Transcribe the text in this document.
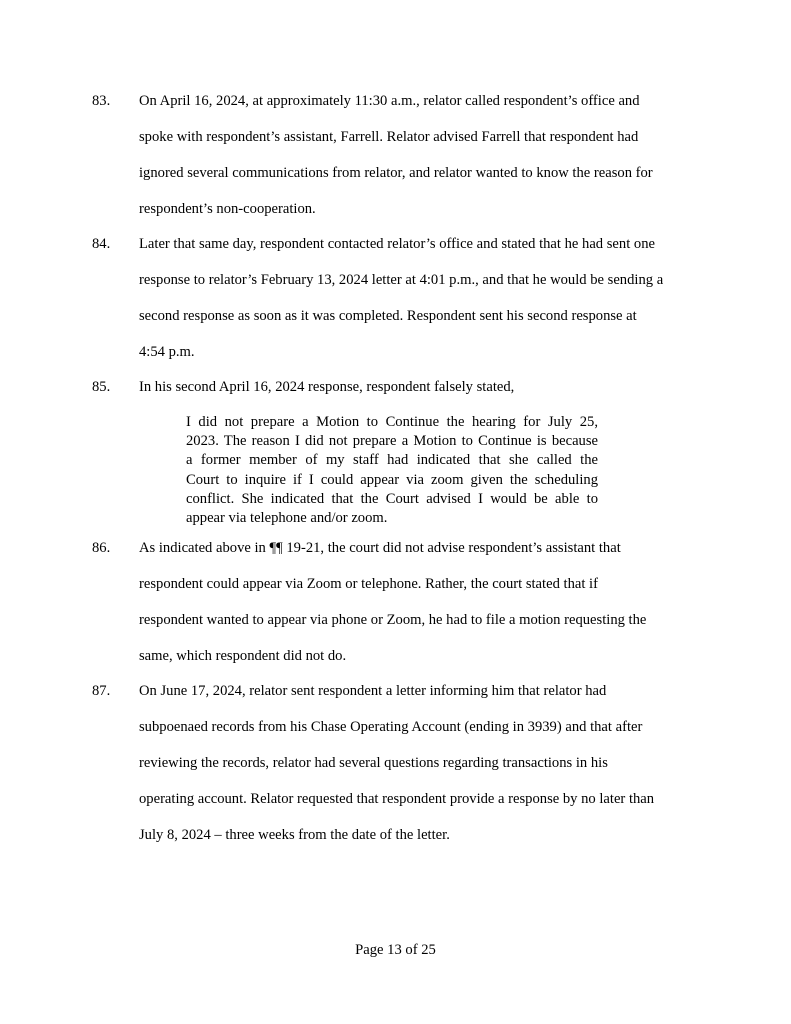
83. On April 16, 2024, at approximately 11:30 a.m., relator called respondent’s office and
spoke with respondent’s assistant, Farrell. Relator advised Farrell that respondent had
ignored several communications from relator, and relator wanted to know the reason for
respondent’s non-cooperation.
84. Later that same day, respondent contacted relator’s office and stated that he had sent one
response to relator’s February 13, 2024 letter at 4:01 p.m., and that he would be sending a
second response as soon as it was completed. Respondent sent his second response at
4:54 p.m.
85. In his second April 16, 2024 response, respondent falsely stated,
I did not prepare a Motion to Continue the hearing for July 25,
2023. The reason I did not prepare a Motion to Continue is because
a former member of my staff had indicated that she called the
Court to inquire if I could appear via zoom given the scheduling
conflict. She indicated that the Court advised I would be able to
appear via telephone and/or zoom.
86. As indicated above in ¶¶ 19-21, the court did not advise respondent’s assistant that
respondent could appear via Zoom or telephone. Rather, the court stated that if
respondent wanted to appear via phone or Zoom, he had to file a motion requesting the
same, which respondent did not do.
87. On June 17, 2024, relator sent respondent a letter informing him that relator had
subpoenaed records from his Chase Operating Account (ending in 3939) and that after
reviewing the records, relator had several questions regarding transactions in his
operating account. Relator requested that respondent provide a response by no later than
July 8, 2024 – three weeks from the date of the letter.
Page 13 of 25
